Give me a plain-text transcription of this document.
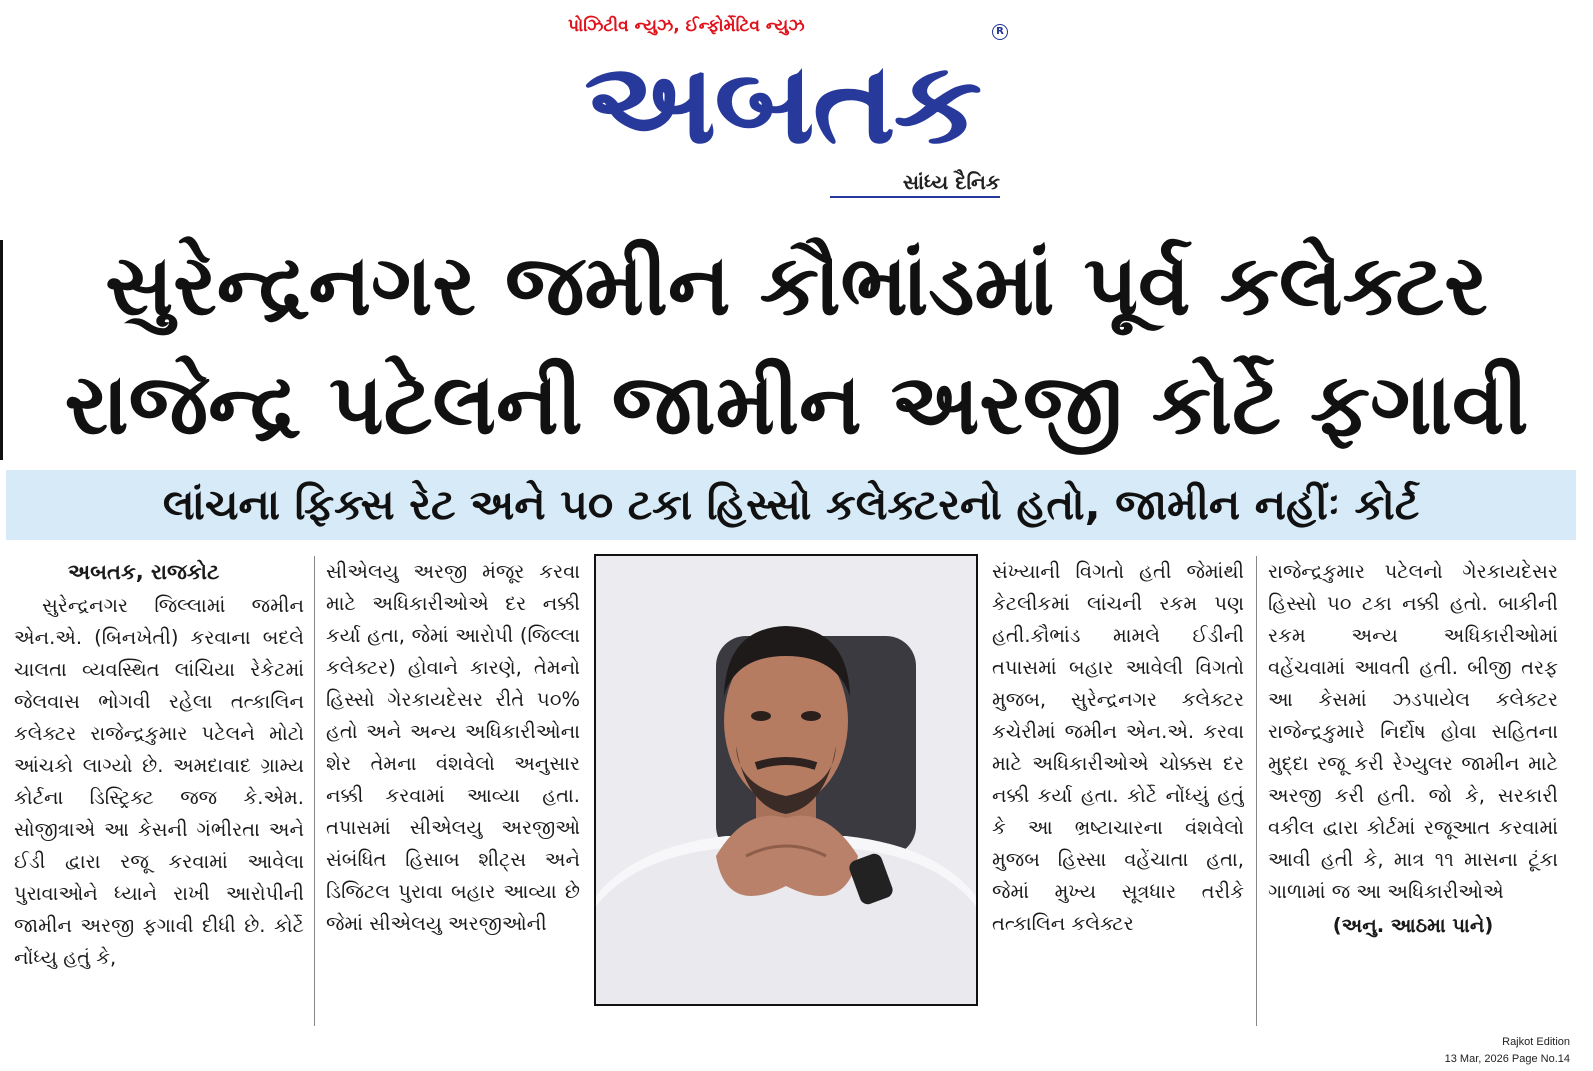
પોઝિટીવ ન્યુઝ, ઈન્ફોર્મેટિવ ન્યુઝ	R
અબતક
સાંધ્ય દૈનિક
સુરેન્દ્રનગર જમીન કૌભાંડમાં પૂર્વ કલેક્ટર
રાજેન્દ્ર પટેલની જામીન અરજી કોર્ટે ફગાવી
લાંચના ફિક્સ રેટ અને ૫૦ ટકા હિસ્સો કલેક્ટરનો હતો, જામીન નહીંઃ કોર્ટ
અબતક, રાજકોટ
સુરેન્દ્રનગર જિલ્લામાં જમીન એન.એ. (બિનખેતી) કરવાના બદલે ચાલતા વ્યવસ્થિત લાંચિયા રેકેટમાં જેલવાસ ભોગવી રહેલા તત્કાલિન કલેક્ટર રાજેન્દ્રકુમાર પટેલને મોટો આંચકો લાગ્યો છે. અમદાવાદ ગ્રામ્ય કોર્ટના ડિસ્ટ્રિક્ટ જજ કે.એમ. સોજીત્રાએ આ કેસની ગંભીરતા અને ઈડી દ્વારા રજૂ કરવામાં આવેલા પુરાવાઓને ધ્યાને રાખી આરોપીની જામીન અરજી ફગાવી દીધી છે. કોર્ટે નોંધ્યુ હતું કે,
સીએલયુ અરજી મંજૂર કરવા માટે અધિકારીઓએ દર નક્કી કર્યા હતા, જેમાં આરોપી (જિલ્લા કલેક્ટર) હોવાને કારણે, તેમનો હિસ્સો ગેરકાયદેસર રીતે ૫૦% હતો અને અન્ય અધિકારીઓના શેર તેમના વંશવેલો અનુસાર નક્કી કરવામાં આવ્યા હતા. તપાસમાં સીએલયુ અરજીઓ સંબંધિત હિસાબ શીટ્સ અને ડિજિટલ પુરાવા બહાર આવ્યા છે જેમાં સીએલયુ અરજીઓની
સંખ્યાની વિગતો હતી જેમાંથી કેટલીકમાં લાંચની રકમ પણ હતી.કૌભાંડ મામલે ઈડીની તપાસમાં બહાર આવેલી વિગતો મુજબ, સુરેન્દ્રનગર કલેક્ટર કચેરીમાં જમીન એન.એ. કરવા માટે અધિકારીઓએ ચોક્કસ દર નક્કી કર્યા હતા. કોર્ટે નોંધ્યું હતું કે આ ભ્રષ્ટાચારના વંશવેલો મુજબ હિસ્સા વહેંચાતા હતા, જેમાં મુખ્ય સૂત્રધાર તરીકે તત્કાલિન કલેક્ટર
રાજેન્દ્રકુમાર પટેલનો ગેરકાયદેસર હિસ્સો ૫૦ ટકા નક્કી હતો. બાકીની રકમ અન્ય અધિકારીઓમાં વહેંચવામાં આવતી હતી. બીજી તરફ આ કેસમાં ઝડપાયેલ કલેક્ટર રાજેન્દ્રકુમારે નિર્દોષ હોવા સહિતના મુદ્દા રજૂ કરી રેગ્યુલર જામીન માટે અરજી કરી હતી. જો કે, સરકારી વકીલ દ્વારા કોર્ટમાં રજૂઆત કરવામાં આવી હતી કે, માત્ર ૧૧ માસના ટૂંકા ગાળામાં જ આ અધિકારીઓએ
(અનુ. આઠમા પાને)
Rajkot Edition
13 Mar, 2026 Page No.14
